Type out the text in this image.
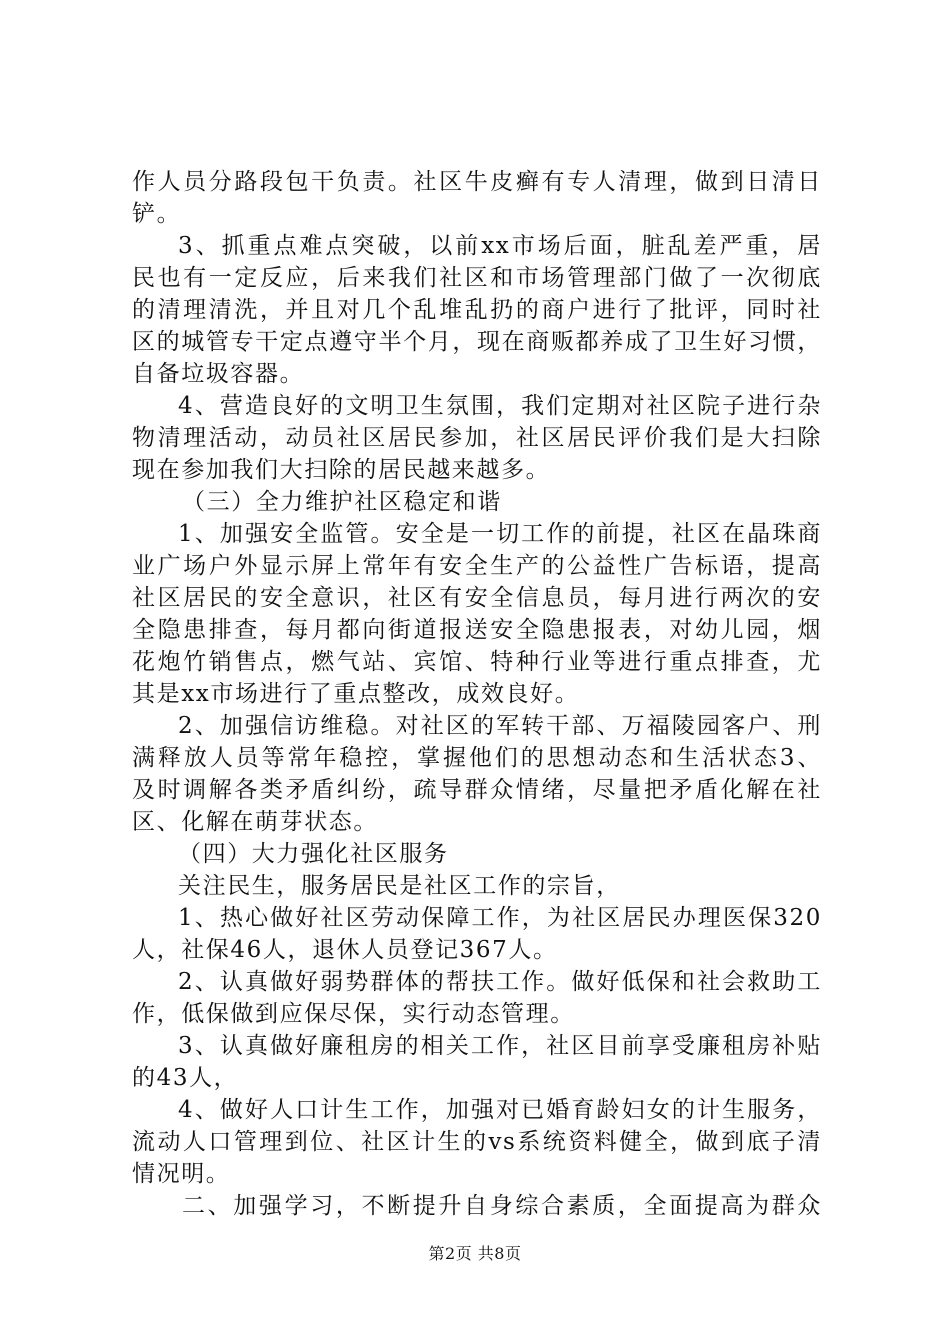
作人员分路段包干负责。社区牛皮癣有专人清理，做到日清日
铲。
3、抓重点难点突破，以前xx市场后面，脏乱差严重，居
民也有一定反应，后来我们社区和市场管理部门做了一次彻底
的清理清洗，并且对几个乱堆乱扔的商户进行了批评，同时社
区的城管专干定点遵守半个月，现在商贩都养成了卫生好习惯，
自备垃圾容器。
4、营造良好的文明卫生氛围，我们定期对社区院子进行杂
物清理活动，动员社区居民参加，社区居民评价我们是大扫除
现在参加我们大扫除的居民越来越多。
（三）全力维护社区稳定和谐
1、加强安全监管。安全是一切工作的前提，社区在晶珠商
业广场户外显示屏上常年有安全生产的公益性广告标语，提高
社区居民的安全意识，社区有安全信息员，每月进行两次的安
全隐患排查，每月都向街道报送安全隐患报表，对幼儿园，烟
花炮竹销售点，燃气站、宾馆、特种行业等进行重点排查，尤
其是xx市场进行了重点整改，成效良好。
2、加强信访维稳。对社区的军转干部、万福陵园客户、刑
满释放人员等常年稳控，掌握他们的思想动态和生活状态3、
及时调解各类矛盾纠纷，疏导群众情绪，尽量把矛盾化解在社
区、化解在萌芽状态。
（四）大力强化社区服务
关注民生，服务居民是社区工作的宗旨，
1、热心做好社区劳动保障工作，为社区居民办理医保320
人，社保46人，退休人员登记367人。
2、认真做好弱势群体的帮扶工作。做好低保和社会救助工
作，低保做到应保尽保，实行动态管理。
3、认真做好廉租房的相关工作，社区目前享受廉租房补贴
的43人，
4、做好人口计生工作，加强对已婚育龄妇女的计生服务，
流动人口管理到位、社区计生的vs系统资料健全，做到底子清
情况明。
二、加强学习，不断提升自身综合素质，全面提高为群众
第2页 共8页
